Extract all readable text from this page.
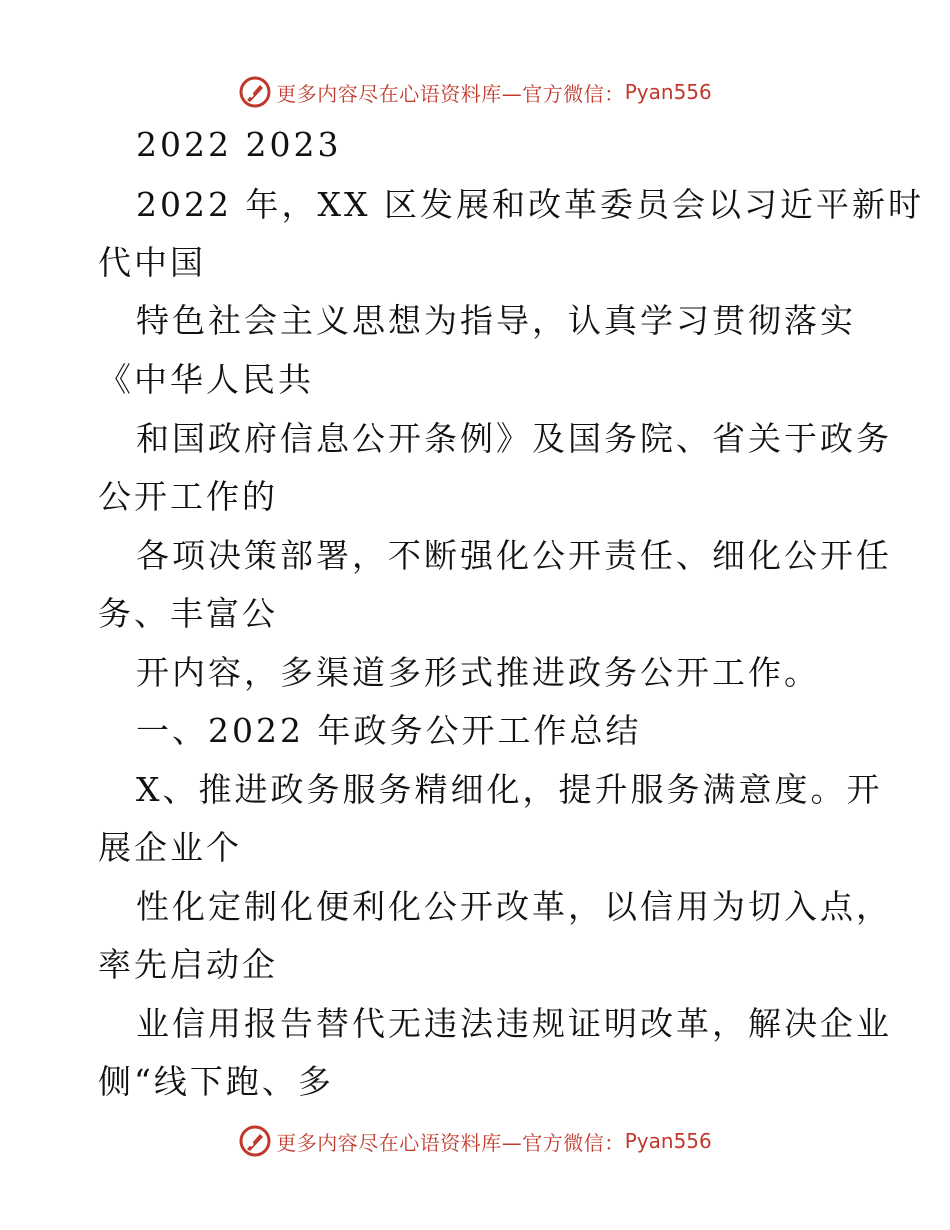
更多内容尽在心语资料库—官方微信： Pyan556
2022 2023
2022 年，XX 区发展和改革委员会以习近平新时
代中国
特色社会主义思想为指导，认真学习贯彻落实
《中华人民共
和国政府信息公开条例》及国务院、省关于政务
公开工作的
各项决策部署，不断强化公开责任、细化公开任
务、丰富公
开内容，多渠道多形式推进政务公开工作。
一、2022 年政务公开工作总结
X、推进政务服务精细化，提升服务满意度。开
展企业个
性化定制化便利化公开改革，以信用为切入点，
率先启动企
业信用报告替代无违法违规证明改革，解决企业
侧“线下跑、多
更多内容尽在心语资料库—官方微信： Pyan556
